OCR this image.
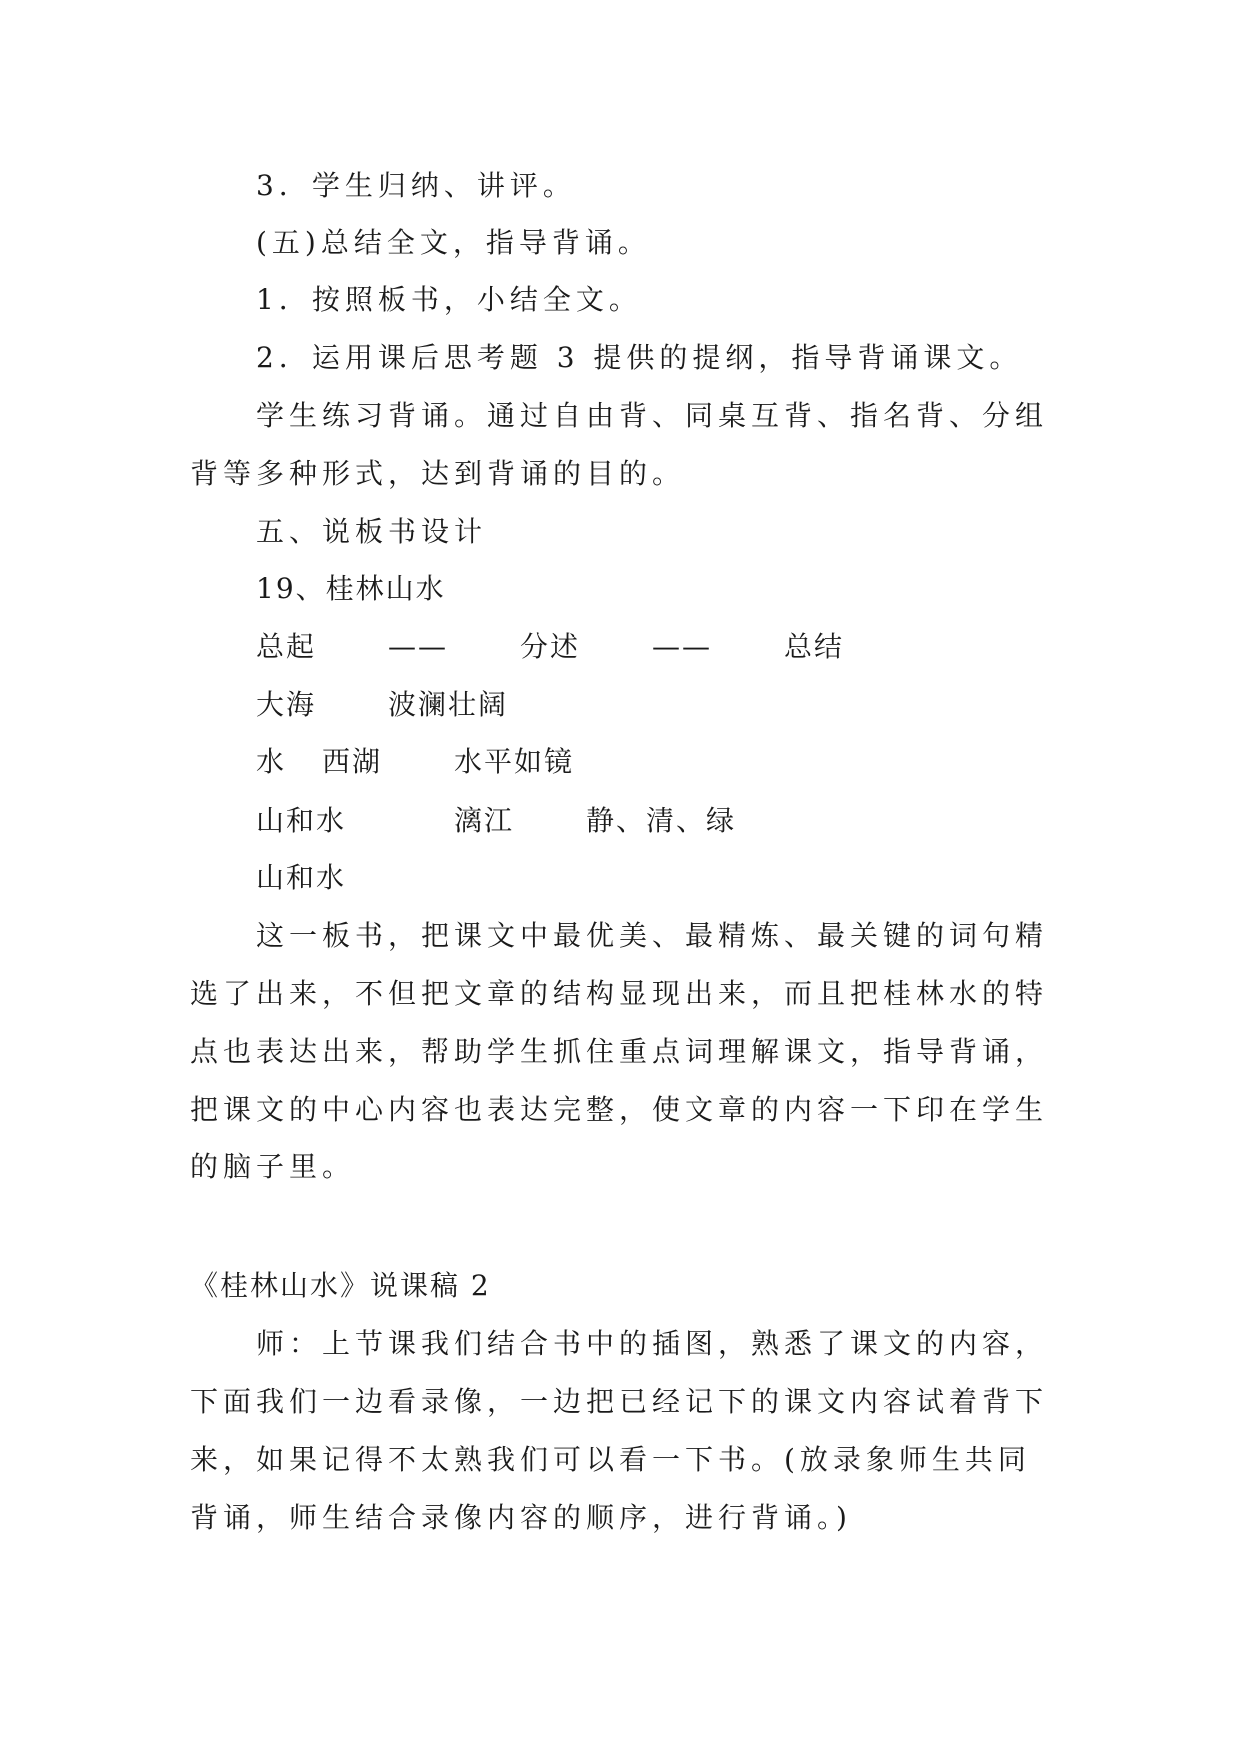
3．学生归纳、讲评。

(五)总结全文，指导背诵。

1．按照板书，小结全文。

2．运用课后思考题 3 提供的提纲，指导背诵课文。

学生练习背诵。通过自由背、同桌互背、指名背、分组

背等多种形式，达到背诵的目的。

五、说板书设计

19、桂林山水

总起	——	分述	——	总结
大海	波澜壮阔
水 西湖	水平如镜
山和水	漓江	静、清、绿
山和水

这一板书，把课文中最优美、最精炼、最关键的词句精

选了出来，不但把文章的结构显现出来，而且把桂林水的特

点也表达出来，帮助学生抓住重点词理解课文，指导背诵，

把课文的中心内容也表达完整，使文章的内容一下印在学生

的脑子里。

《桂林山水》说课稿 2

师：上节课我们结合书中的插图，熟悉了课文的内容，

下面我们一边看录像，一边把已经记下的课文内容试着背下

来，如果记得不太熟我们可以看一下书。(放录象师生共同

背诵，师生结合录像内容的顺序，进行背诵。)
